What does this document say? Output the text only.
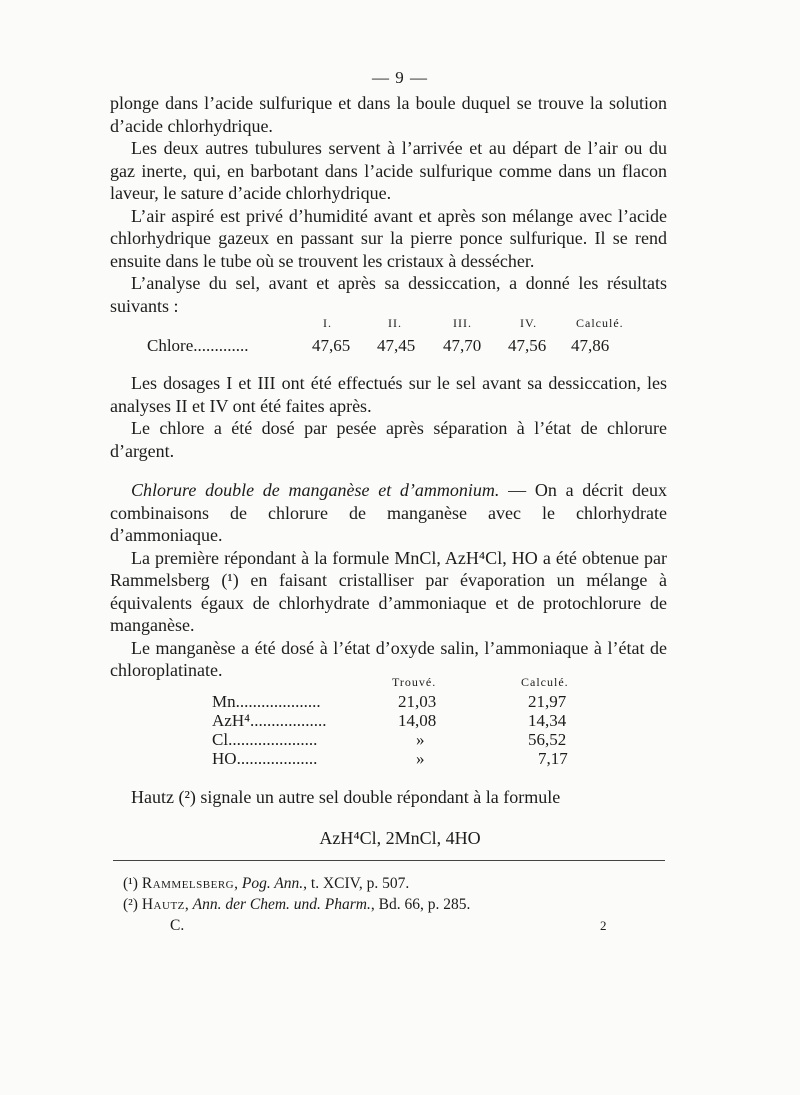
— 9 —

plonge dans l’acide sulfurique et dans la boule duquel se trouve la solution d’acide chlorhydrique.

Les deux autres tubulures servent à l’arrivée et au départ de l’air ou du gaz inerte, qui, en barbotant dans l’acide sulfurique comme dans un flacon laveur, le sature d’acide chlorhydrique.

L’air aspiré est privé d’humidité avant et après son mélange avec l’acide chlorhydrique gazeux en passant sur la pierre ponce sulfurique. Il se rend ensuite dans le tube où se trouvent les cristaux à dessécher.

L’analyse du sel, avant et après sa dessiccation, a donné les résultats suivants :

I.	II.	III.	IV.	Calculé.
Chlore.............	47,65 47,45 47,70 47,56 47,86

Les dosages I et III ont été effectués sur le sel avant sa dessiccation, les analyses II et IV ont été faites après.

Le chlore a été dosé par pesée après séparation à l’état de chlorure d’argent.

Chlorure double de manganèse et d’ammonium. — On a décrit deux combinaisons de chlorure de manganèse avec le chlorhydrate d’ammoniaque.

La première répondant à la formule MnCl, AzH⁴Cl, HO a été obtenue par Rammelsberg (¹) en faisant cristalliser par évaporation un mélange à équivalents égaux de chlorhydrate d’ammoniaque et de protochlorure de manganèse.

Le manganèse a été dosé à l’état d’oxyde salin, l’ammoniaque à l’état de chloroplatinate.

Trouvé.	Calculé.
Mn....................	21,03	21,97
AzH⁴..................	14,08	14,34
Cl.....................	»	56,52
HO...................	»	7,17

Hautz (²) signale un autre sel double répondant à la formule

AzH⁴Cl, 2MnCl, 4HO
(¹) Rammelsberg, Pog. Ann., t. XCIV, p. 507.
(²) Hautz, Ann. der Chem. und. Pharm., Bd. 66, p. 285.
C.	2
